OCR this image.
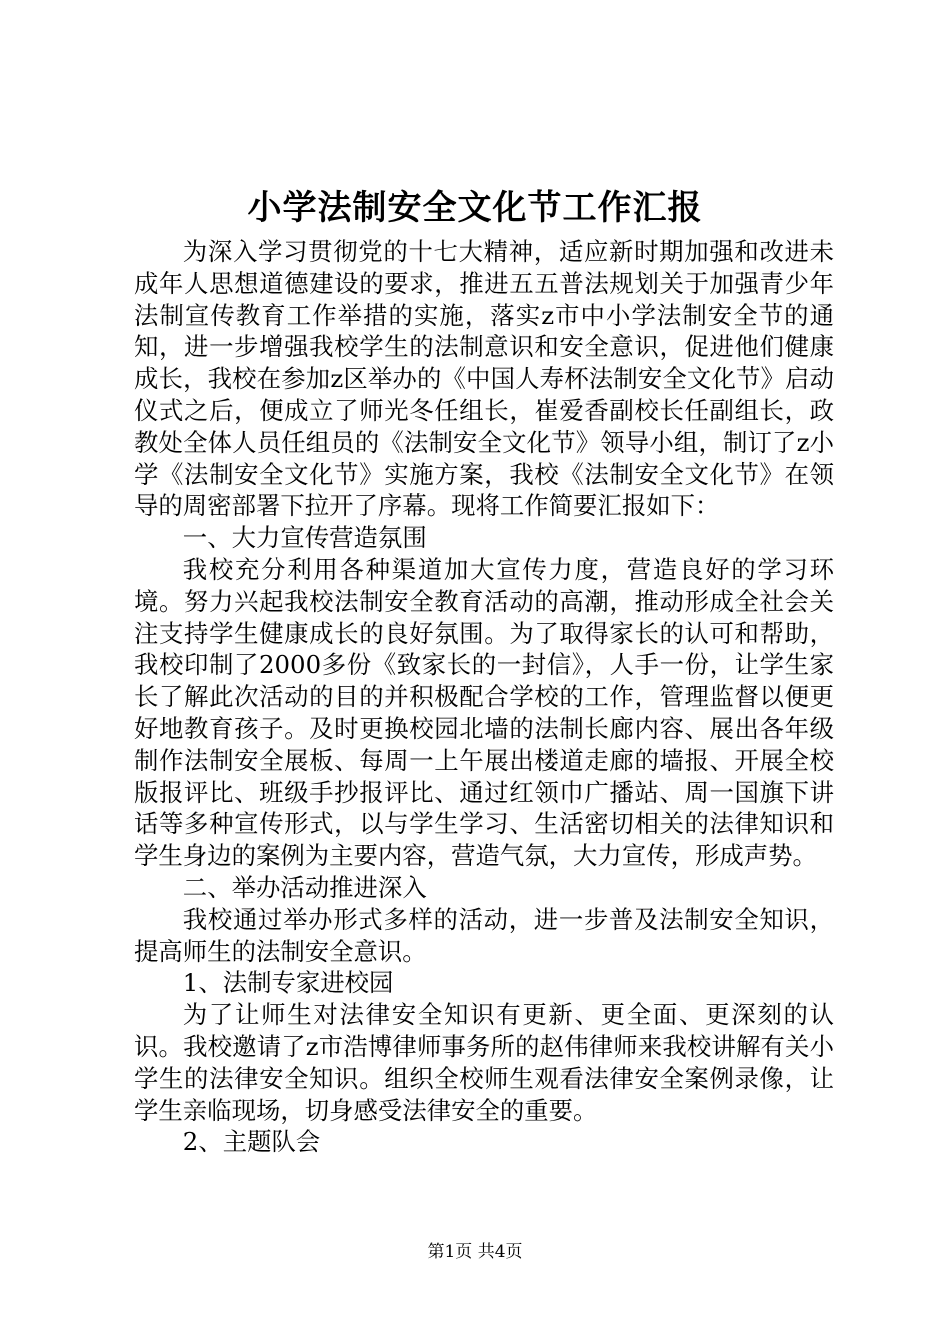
小学法制安全文化节工作汇报

为深入学习贯彻党的十七大精神，适应新时期加强和改进未成年人思想道德建设的要求，推进五五普法规划关于加强青少年法制宣传教育工作举措的实施，落实z市中小学法制安全节的通知，进一步增强我校学生的法制意识和安全意识，促进他们健康成长，我校在参加z区举办的《中国人寿杯法制安全文化节》启动仪式之后，便成立了师光冬任组长，崔爱香副校长任副组长，政教处全体人员任组员的《法制安全文化节》领导小组，制订了z小学《法制安全文化节》实施方案，我校《法制安全文化节》在领导的周密部署下拉开了序幕。现将工作简要汇报如下：

一、大力宣传营造氛围

我校充分利用各种渠道加大宣传力度，营造良好的学习环境。努力兴起我校法制安全教育活动的高潮，推动形成全社会关注支持学生健康成长的良好氛围。为了取得家长的认可和帮助，我校印制了2000多份《致家长的一封信》，人手一份，让学生家长了解此次活动的目的并积极配合学校的工作，管理监督以便更好地教育孩子。及时更换校园北墙的法制长廊内容、展出各年级制作法制安全展板、每周一上午展出楼道走廊的墙报、开展全校版报评比、班级手抄报评比、通过红领巾广播站、周一国旗下讲话等多种宣传形式，以与学生学习、生活密切相关的法律知识和学生身边的案例为主要内容，营造气氛，大力宣传，形成声势。

二、举办活动推进深入

我校通过举办形式多样的活动，进一步普及法制安全知识，提高师生的法制安全意识。

1、法制专家进校园

为了让师生对法律安全知识有更新、更全面、更深刻的认识。我校邀请了z市浩博律师事务所的赵伟律师来我校讲解有关小学生的法律安全知识。组织全校师生观看法律安全案例录像，让学生亲临现场，切身感受法律安全的重要。

2、主题队会

第1页 共4页
